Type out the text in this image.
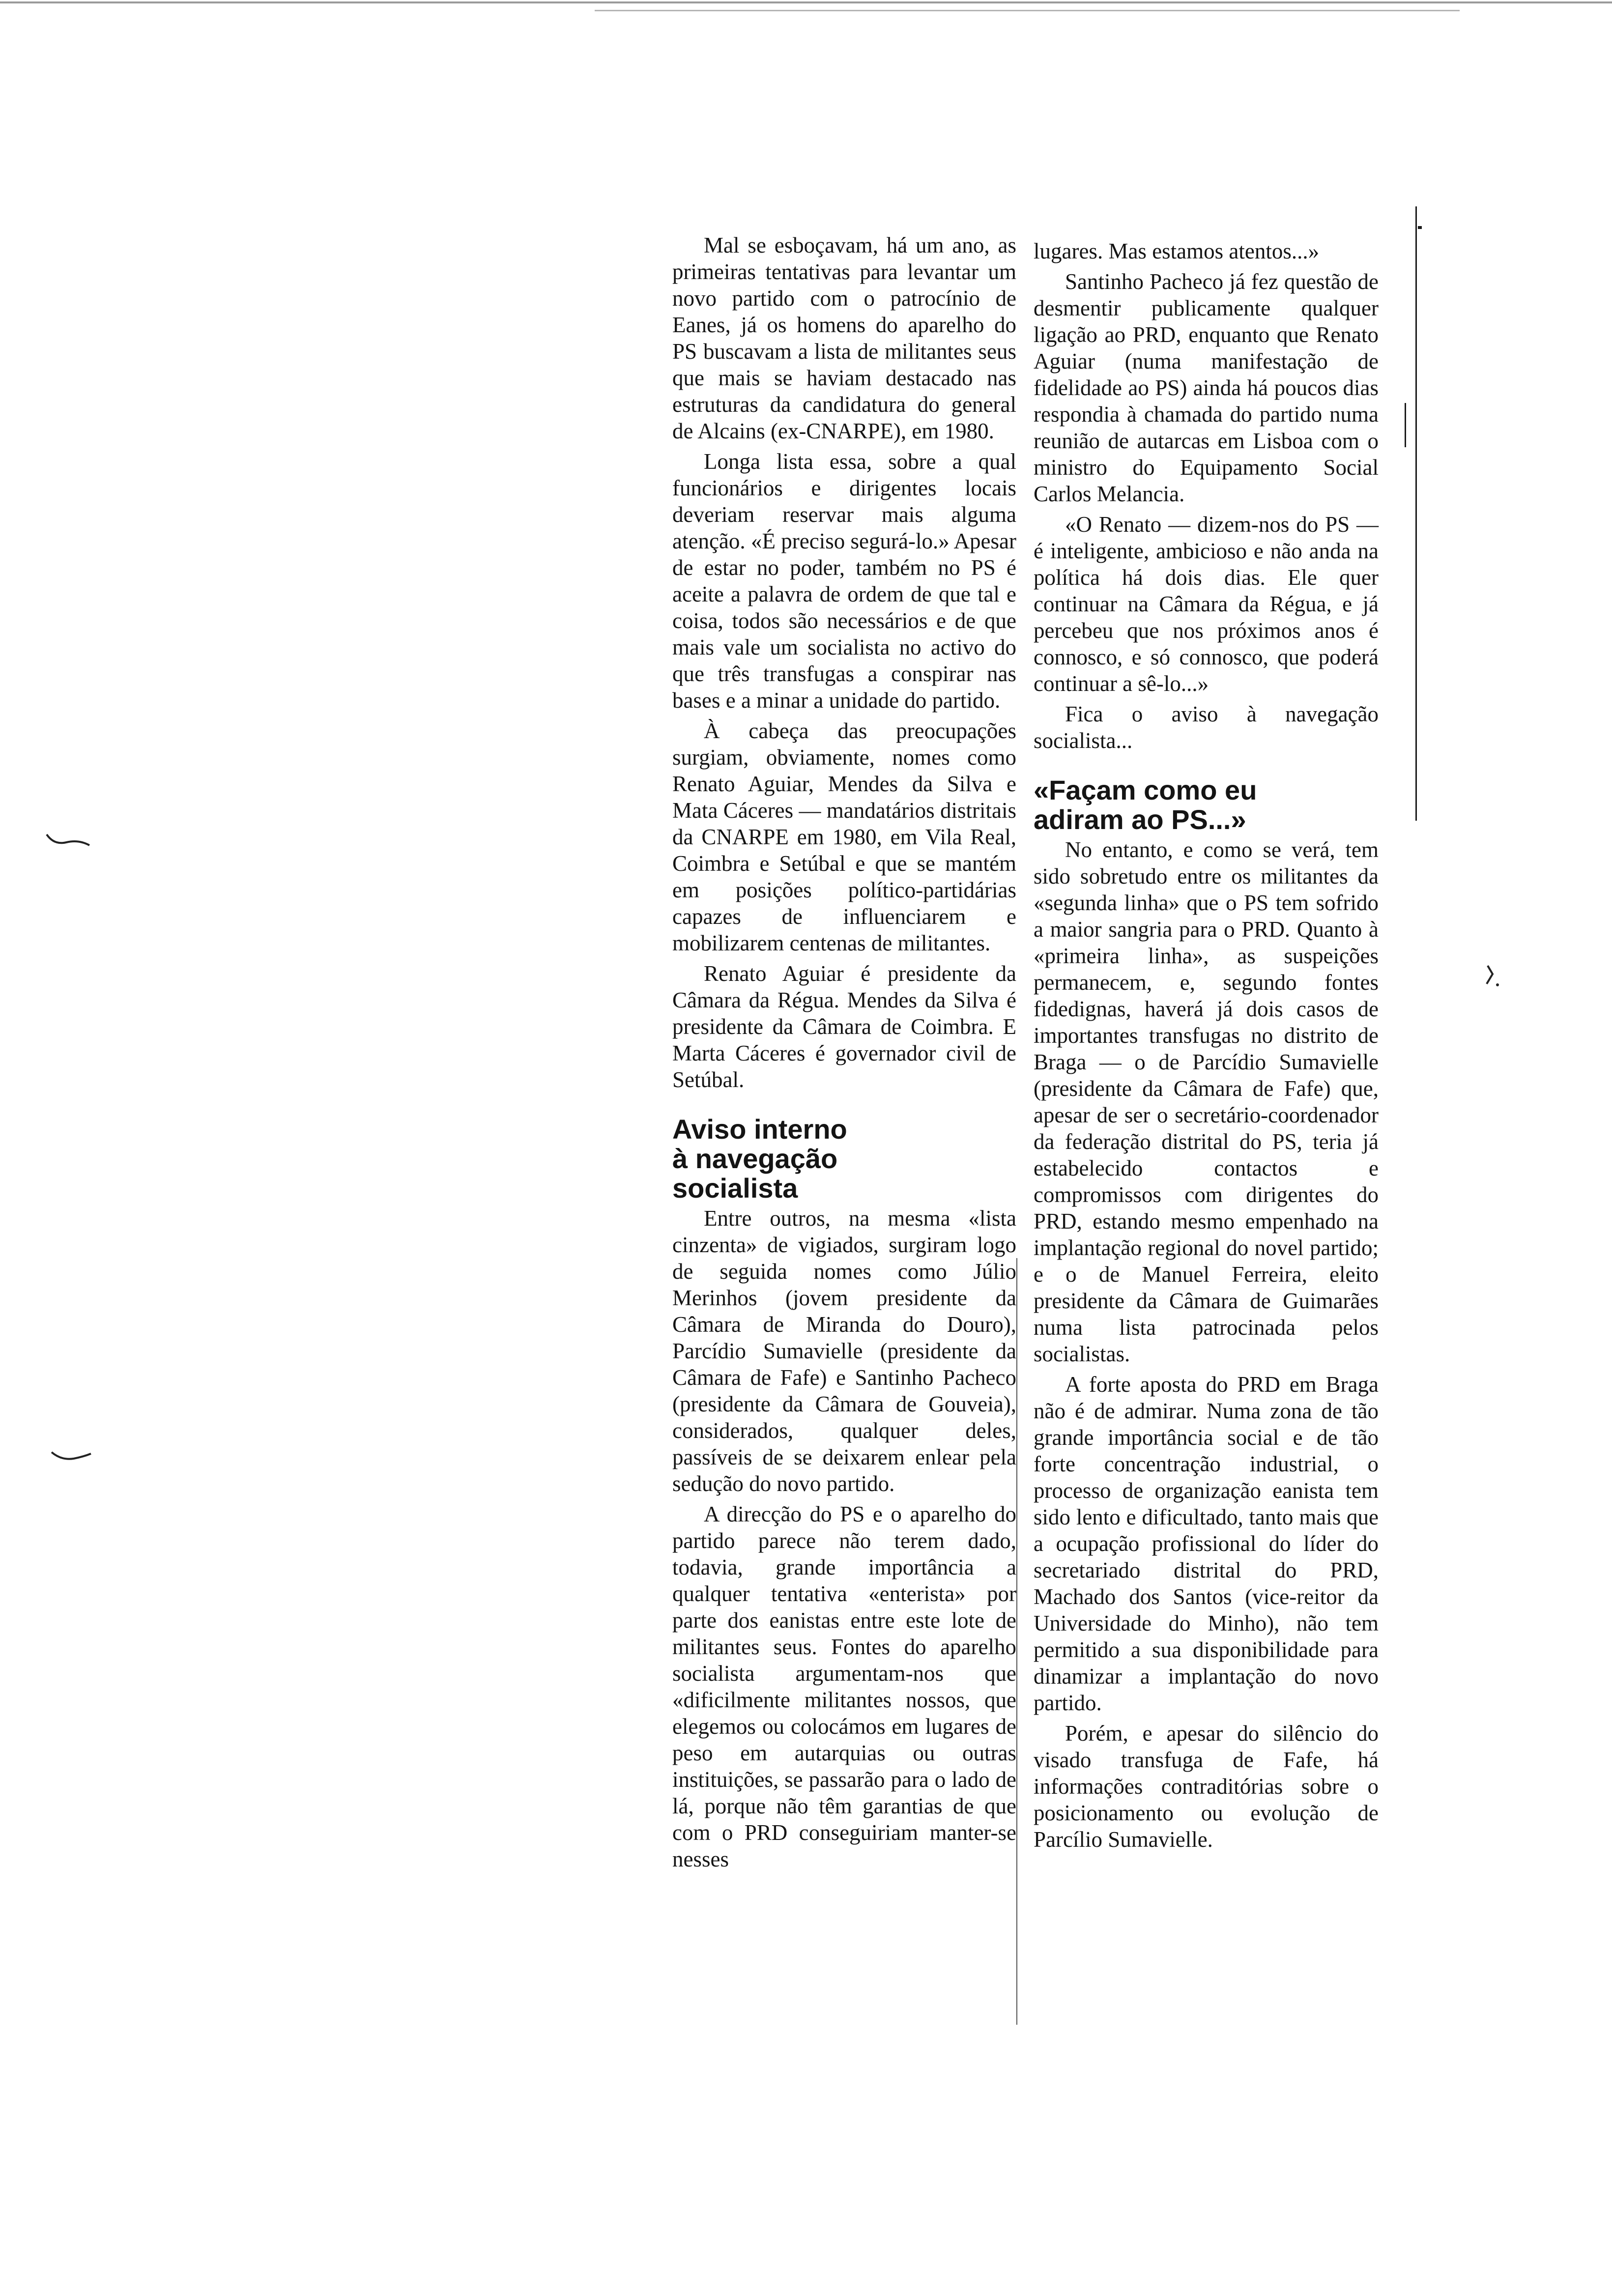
Mal se esboçavam, há um ano, as primeiras tentativas para levantar um novo partido com o patrocínio de Eanes, já os homens do aparelho do PS buscavam a lista de militantes seus que mais se haviam destacado nas estruturas da candidatura do general de Alcains (ex-CNARPE), em 1980.

Longa lista essa, sobre a qual funcionários e dirigentes locais deveriam reservar mais alguma atenção. «É preciso segurá-lo.» Apesar de estar no poder, também no PS é aceite a palavra de ordem de que tal e coisa, todos são necessários e de que mais vale um socialista no activo do que três transfugas a conspirar nas bases e a minar a unidade do partido.

À cabeça das preocupações surgiam, obviamente, nomes como Renato Aguiar, Mendes da Silva e Mata Cáceres — mandatários distritais da CNARPE em 1980, em Vila Real, Coimbra e Setúbal e que se mantém em posições político-partidárias capazes de influenciarem e mobilizarem centenas de militantes.

Renato Aguiar é presidente da Câmara da Régua. Mendes da Silva é presidente da Câmara de Coimbra. E Marta Cáceres é governador civil de Setúbal.

Aviso interno
à navegação
socialista

Entre outros, na mesma «lista cinzenta» de vigiados, surgiram logo de seguida nomes como Júlio Merinhos (jovem presidente da Câmara de Miranda do Douro), Parcídio Sumavielle (presidente da Câmara de Fafe) e Santinho Pacheco (presidente da Câmara de Gouveia), considerados, qualquer deles, passíveis de se deixarem enlear pela sedução do novo partido.

A direcção do PS e o aparelho do partido parece não terem dado, todavia, grande importância a qualquer tentativa «enterista» por parte dos eanistas entre este lote de militantes seus. Fontes do aparelho socialista argumentam-nos que «dificilmente militantes nossos, que elegemos ou colocámos em lugares de peso em autarquias ou outras instituições, se passarão para o lado de lá, porque não têm garantias de que com o PRD conseguiriam manter-se nesses

lugares. Mas estamos atentos...»

Santinho Pacheco já fez questão de desmentir publicamente qualquer ligação ao PRD, enquanto que Renato Aguiar (numa manifestação de fidelidade ao PS) ainda há poucos dias respondia à chamada do partido numa reunião de autarcas em Lisboa com o ministro do Equipamento Social Carlos Melancia.

«O Renato — dizem-nos do PS — é inteligente, ambicioso e não anda na política há dois dias. Ele quer continuar na Câmara da Régua, e já percebeu que nos próximos anos é connosco, e só connosco, que poderá continuar a sê-lo...»

Fica o aviso à navegação socialista...

«Façam como eu
adiram ao PS...»

No entanto, e como se verá, tem sido sobretudo entre os militantes da «segunda linha» que o PS tem sofrido a maior sangria para o PRD. Quanto à «primeira linha», as suspeições permanecem, e, segundo fontes fidedignas, haverá já dois casos de importantes transfugas no distrito de Braga — o de Parcídio Sumavielle (presidente da Câmara de Fafe) que, apesar de ser o secretário-coordenador da federação distrital do PS, teria já estabelecido contactos e compromissos com dirigentes do PRD, estando mesmo empenhado na implantação regional do novel partido; e o de Manuel Ferreira, eleito presidente da Câmara de Guimarães numa lista patrocinada pelos socialistas.

A forte aposta do PRD em Braga não é de admirar. Numa zona de tão grande importância social e de tão forte concentração industrial, o processo de organização eanista tem sido lento e dificultado, tanto mais que a ocupação profissional do líder do secretariado distrital do PRD, Machado dos Santos (vice-reitor da Universidade do Minho), não tem permitido a sua disponibilidade para dinamizar a implantação do novo partido.

Porém, e apesar do silêncio do visado transfuga de Fafe, há informações contraditórias sobre o posicionamento ou evolução de Parcílio Sumavielle.
